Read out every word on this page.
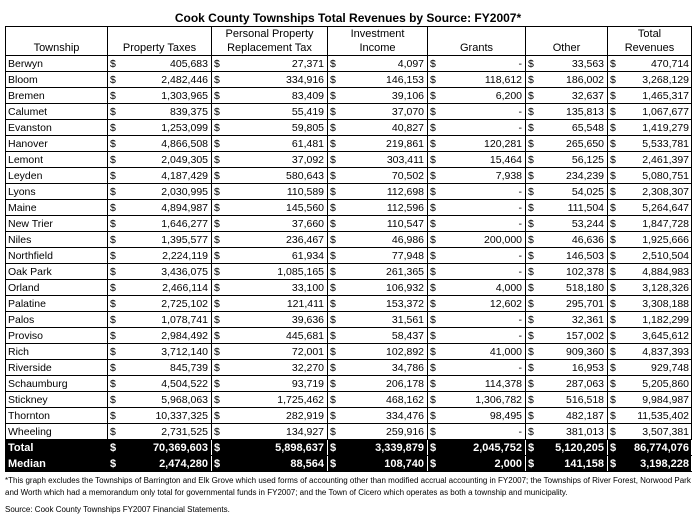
Cook County Townships Total Revenues by Source: FY2007*
			Personal Property		Investment						Total
Township	Property Taxes		Replacement Tax		Income		Grants		Other		Revenues
Berwyn	$	405,683	$	27,371	$	4,097	$	-	$	33,563	$ 470,714
Bloom	$	2,482,446	$	334,916	$	146,153	$	118,612	$	186,002	$ 3,268,129
Bremen	$	1,303,965	$	83,409	$	39,106	$	6,200	$	32,637	$ 1,465,317
Calumet	$	839,375	$	55,419	$	37,070	$	-	$	135,813	$ 1,067,677
Evanston	$	1,253,099	$	59,805	$	40,827	$	-	$	65,548	$ 1,419,279
Hanover	$	4,866,508	$	61,481	$	219,861	$	120,281	$	265,650	$ 5,533,781
Lemont	$	2,049,305	$	37,092	$	303,411	$	15,464	$	56,125	$ 2,461,397
Leyden	$	4,187,429	$	580,643	$	70,502	$	7,938	$	234,239	$ 5,080,751
Lyons	$	2,030,995	$	110,589	$	112,698	$	-	$	54,025	$ 2,308,307
Maine	$	4,894,987	$	145,560	$	112,596	$	-	$	111,504	$ 5,264,647
New Trier	$	1,646,277	$	37,660	$	110,547	$	-	$	53,244	$ 1,847,728
Niles	$	1,395,577	$	236,467	$	46,986	$	200,000	$	46,636	$ 1,925,666
Northfield	$	2,224,119	$	61,934	$	77,948	$	-	$	146,503	$ 2,510,504
Oak Park	$	3,436,075	$	1,085,165	$	261,365	$	-	$	102,378	$ 4,884,983
Orland	$	2,466,114	$	33,100	$	106,932	$	4,000	$	518,180	$ 3,128,326
Palatine	$	2,725,102	$	121,411	$	153,372	$	12,602	$	295,701	$ 3,308,188
Palos	$	1,078,741	$	39,636	$	31,561	$	-	$	32,361	$ 1,182,299
Proviso	$	2,984,492	$	445,681	$	58,437	$	-	$	157,002	$ 3,645,612
Rich	$	3,712,140	$	72,001	$	102,892	$	41,000	$	909,360	$ 4,837,393
Riverside	$	845,739	$	32,270	$	34,786	$	-	$	16,953	$ 929,748
Schaumburg	$	4,504,522	$	93,719	$	206,178	$	114,378	$	287,063	$ 5,205,860
Stickney	$	5,968,063	$	1,725,462	$	468,162	$	1,306,782	$	516,518	$ 9,984,987
Thornton	$	10,337,325	$	282,919	$	334,476	$	98,495	$	482,187	$ 11,535,402
Wheeling	$	2,731,525	$	134,927	$	259,916	$	-	$	381,013	$ 3,507,381
Total	$	70,369,603	$	5,898,637	$	3,339,879	$	2,045,752	$	5,120,205	$ 86,774,076
Median	$	2,474,280	$	88,564	$	108,740	$	2,000	$	141,158	$ 3,198,228
*This graph excludes the Townships of Barrington and Elk Grove which used forms of accounting other than modified accrual accounting in FY2007; the Townships of River Forest, Norwood Park and Worth which had a memorandum only total for governmental funds in FY2007; and the Town of Cicero which operates as both a township and municipality.
Source: Cook County Townships FY2007 Financial Statements.
